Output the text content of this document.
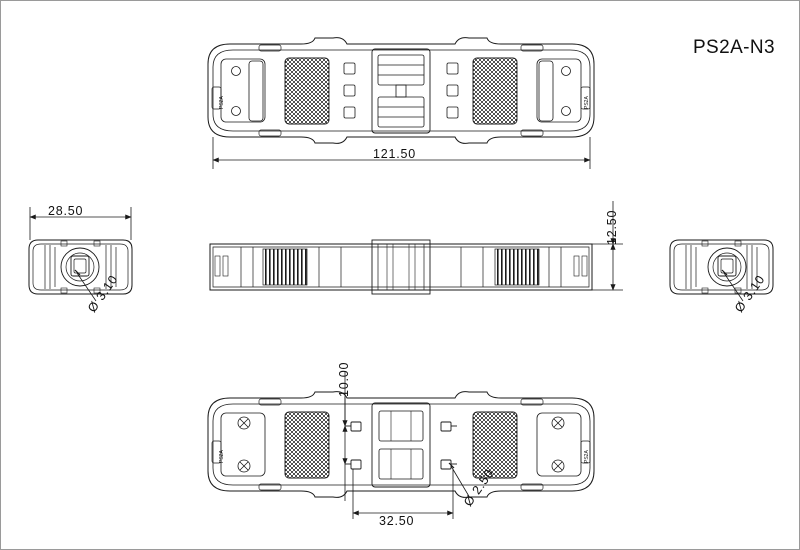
PS2A-N3
121.50
28.50
Ø 3.10	Ø 3.10
12.50
10.00
32.50
Ø 2.50
PS2A	PS2A
PS2A	PS2A
